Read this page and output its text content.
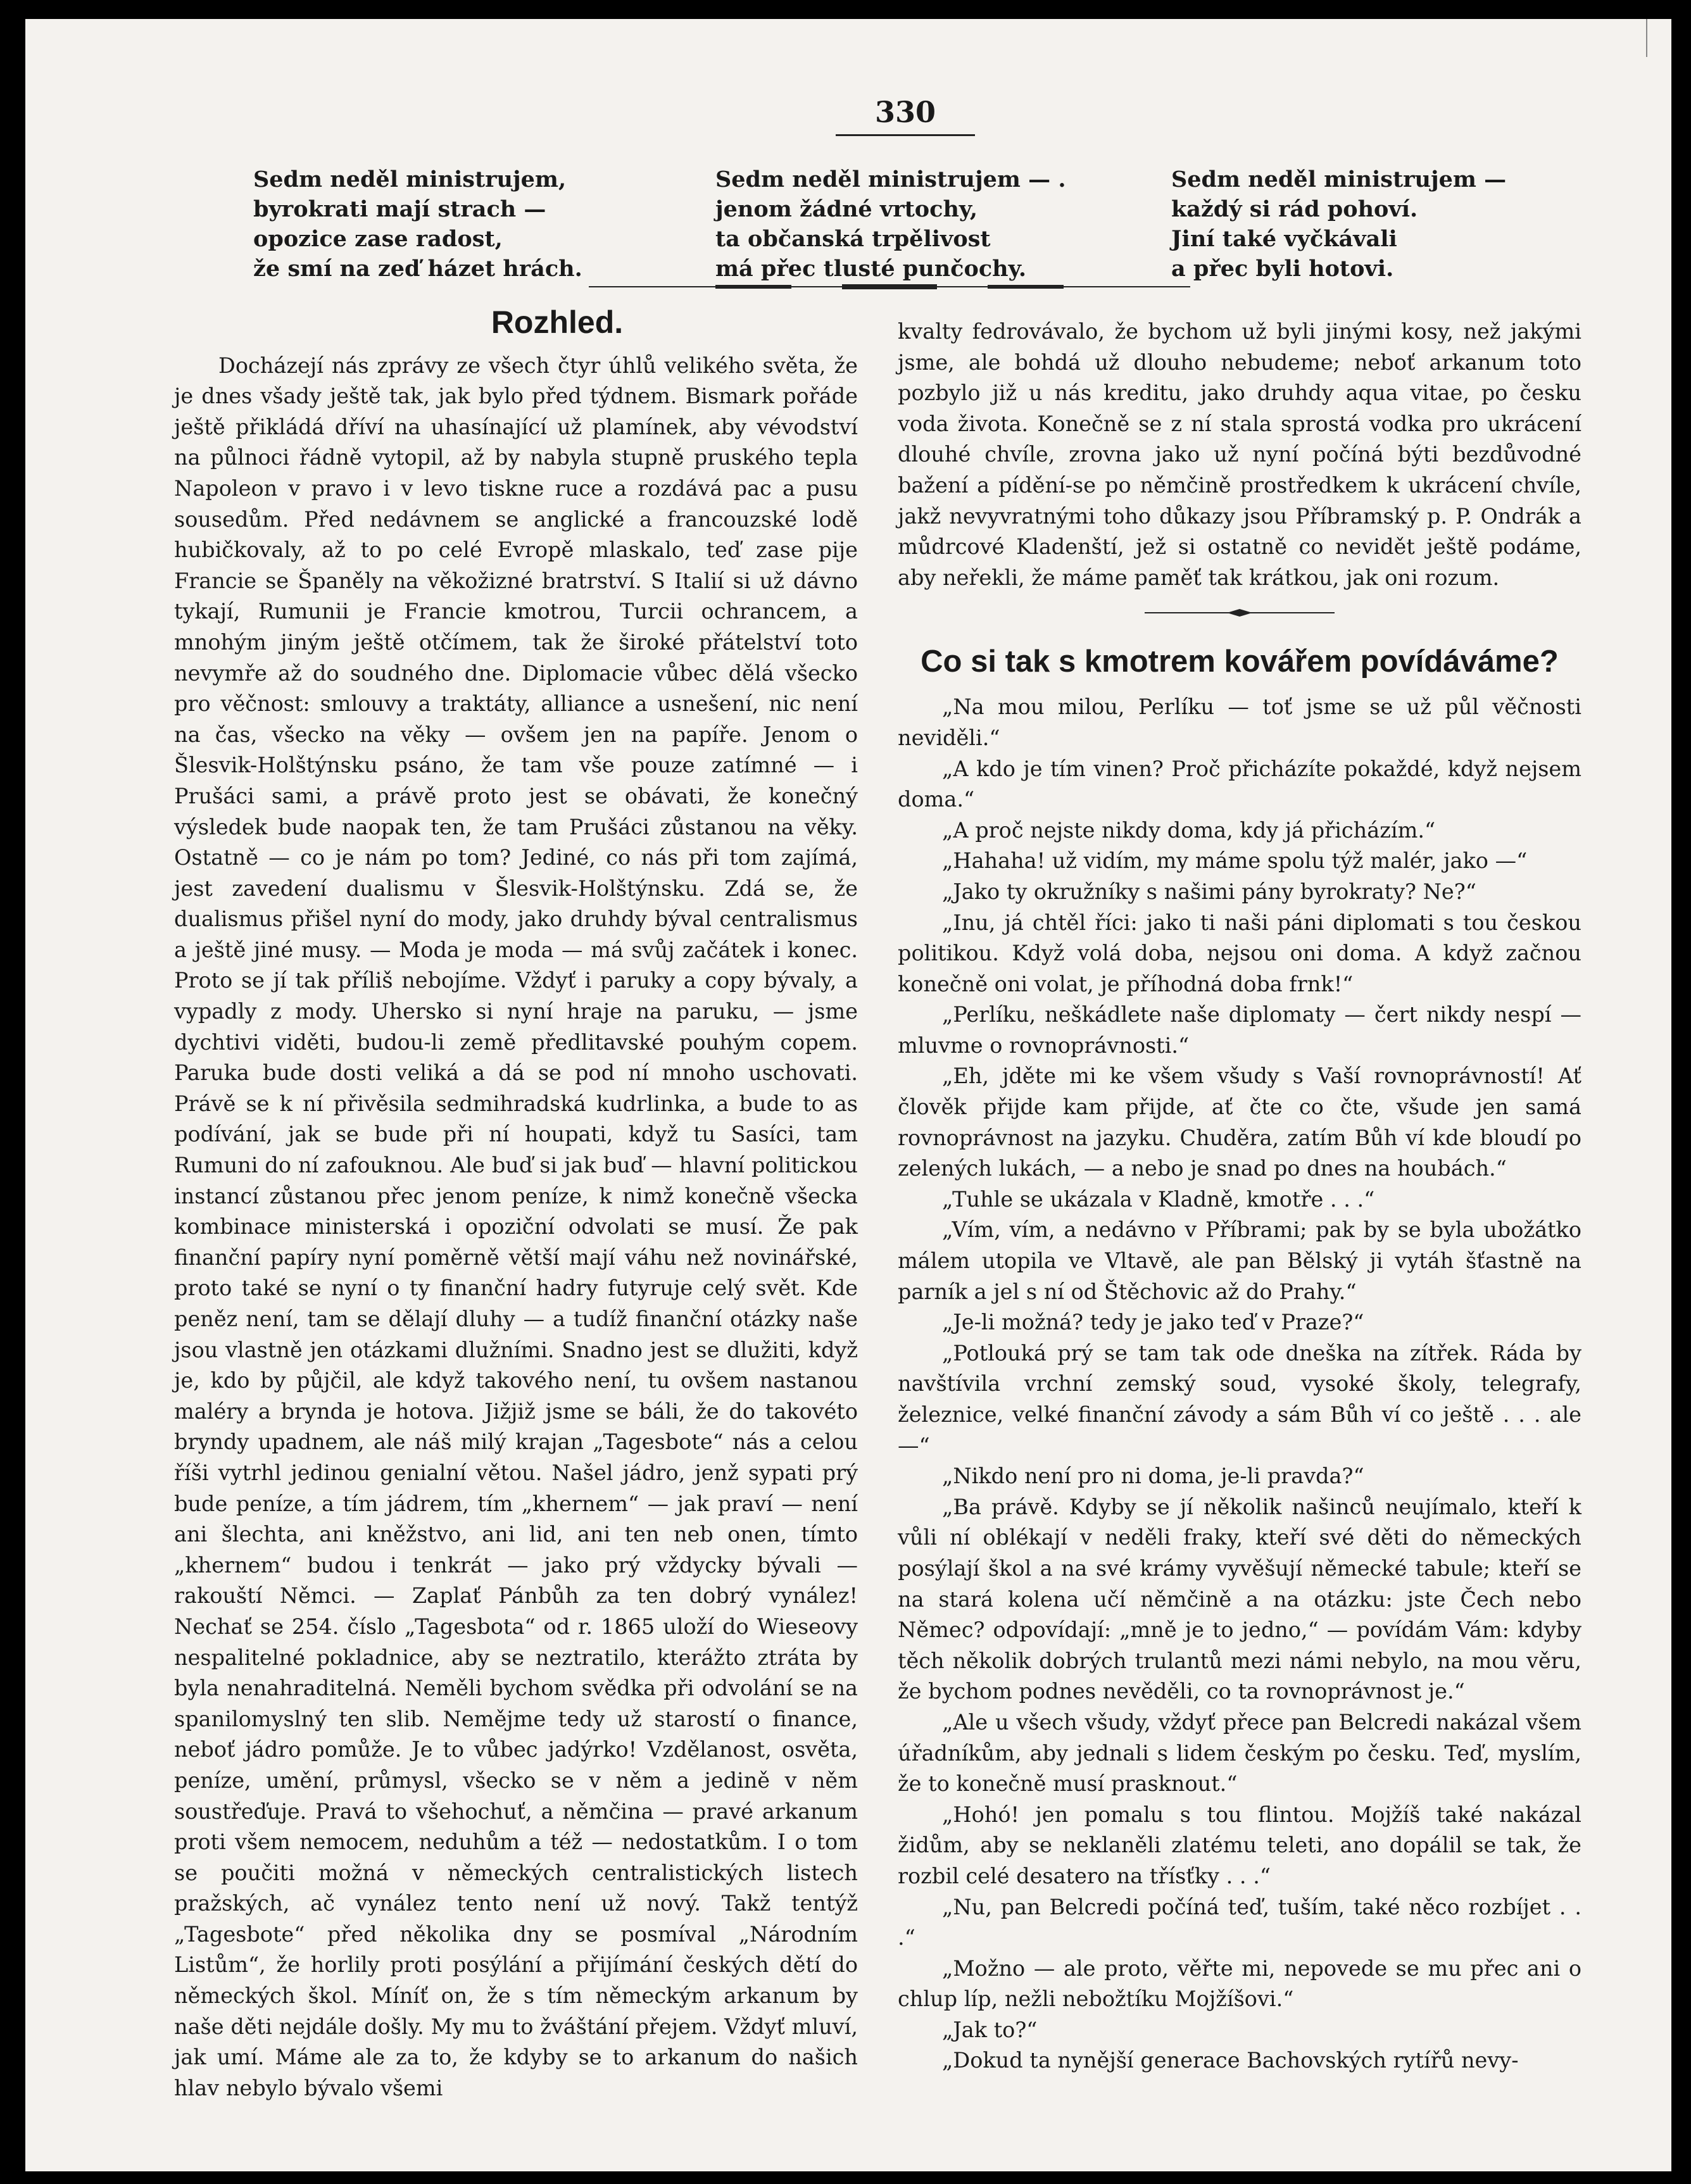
330
Sedm neděl ministrujem,
byrokrati mají strach —
opozice zase radost,
že smí na zeď házet hrách.
Sedm neděl ministrujem — .
jenom žádné vrtochy,
ta občanská trpělivost
má přec tlusté punčochy.
Sedm neděl ministrujem —
každý si rád pohoví.
Jiní také vyčkávali
a přec byli hotovi.
Rozhled.

Docházejí nás zprávy ze všech čtyr úhlů velikého světa, že je dnes všady ještě tak, jak bylo před týdnem. Bismark pořáde ještě přikládá dříví na uhasínající už plamínek, aby vévodství na půlnoci řádně vytopil, až by nabyla stupně pruského tepla Napoleon v pravo i v levo tiskne ruce a rozdává pac a pusu sousedům. Před nedávnem se anglické a francouzské lodě hubičkovaly, až to po celé Evropě mlaskalo, teď zase pije Francie se Španěly na věkožizné bratrství. S Italií si už dávno tykají, Rumunii je Francie kmotrou, Turcii ochrancem, a mnohým jiným ještě otčímem, tak že široké přátelství toto nevymře až do soudného dne. Diplomacie vůbec dělá všecko pro věčnost: smlouvy a traktáty, alliance a usnešení, nic není na čas, všecko na věky — ovšem jen na papíře. Jenom o Šlesvik-Holštýnsku psáno, že tam vše pouze zatímné — i Prušáci sami, a právě proto jest se obávati, že konečný výsledek bude naopak ten, že tam Prušáci zůstanou na věky. Ostatně — co je nám po tom? Jediné, co nás při tom zajímá, jest zavedení dualismu v Šlesvik-Holštýnsku. Zdá se, že dualismus přišel nyní do mody, jako druhdy býval centralismus a ještě jiné musy. — Moda je moda — má svůj začátek i konec. Proto se jí tak příliš nebojíme. Vždyť i paruky a copy bývaly, a vypadly z mody. Uhersko si nyní hraje na paruku, — jsme dychtivi viděti, budou-li země předlitavské pouhým copem. Paruka bude dosti veliká a dá se pod ní mnoho uschovati. Právě se k ní přivěsila sedmihradská kudrlinka, a bude to as podívání, jak se bude při ní houpati, když tu Sasíci, tam Rumuni do ní zafouknou. Ale buď si jak buď — hlavní politickou instancí zůstanou přec jenom peníze, k nimž konečně všecka kombinace ministerská i opoziční odvolati se musí. Že pak finanční papíry nyní poměrně větší mají váhu než novinářské, proto také se nyní o ty finanční hadry futyruje celý svět. Kde peněz není, tam se dělají dluhy — a tudíž finanční otázky naše jsou vlastně jen otázkami dlužními. Snadno jest se dlužiti, když je, kdo by půjčil, ale když takového není, tu ovšem nastanou maléry a brynda je hotova. Jižjiž jsme se báli, že do takovéto bryndy upadnem, ale náš milý krajan „Tagesbote“ nás a celou říši vytrhl jedinou genialní větou. Našel jádro, jenž sypati prý bude peníze, a tím jádrem, tím „khernem“ — jak praví — není ani šlechta, ani kněžstvo, ani lid, ani ten neb onen, tímto „khernem“ budou i tenkrát — jako prý vždycky bývali — rakouští Němci. — Zaplať Pánbůh za ten dobrý vynález! Nechať se 254. číslo „Tagesbota“ od r. 1865 uloží do Wieseovy nespalitelné pokladnice, aby se neztratilo, kterážto ztráta by byla nenahraditelná. Neměli bychom svědka při odvolání se na spanilomyslný ten slib. Nemějme tedy už starostí o finance, neboť jádro pomůže. Je to vůbec jadýrko! Vzdělanost, osvěta, peníze, umění, průmysl, všecko se v něm a jedině v něm soustřeďuje. Pravá to všehochuť, a němčina — pravé arkanum proti všem nemocem, neduhům a též — nedostatkům. I o tom se poučiti možná v německých centralistických listech pražských, ač vynález tento není už nový. Takž tentýž „Tagesbote“ před několika dny se posmíval „Národním Listům“, že horlily proti posýlání a přijímání českých dětí do německých škol. Míníť on, že s tím německým arkanum by naše děti nejdále došly. My mu to žváštání přejem. Vždyť mluví, jak umí. Máme ale za to, že kdyby se to arkanum do našich hlav nebylo bývalo všemi

kvalty fedrovávalo, že bychom už byli jinými kosy, než jakými jsme, ale bohdá už dlouho nebudeme; neboť arkanum toto pozbylo již u nás kreditu, jako druhdy aqua vitae, po česku voda života. Konečně se z ní stala sprostá vodka pro ukrácení dlouhé chvíle, zrovna jako už nyní počíná býti bezdůvodné bažení a pídění-se po němčině prostředkem k ukrácení chvíle, jakž nevyvratnými toho důkazy jsou Příbramský p. P. Ondrák a můdrcové Kladenští, jež si ostatně co nevidět ještě podáme, aby neřekli, že máme paměť tak krátkou, jak oni rozum.

Co si tak s kmotrem kovářem povídáváme?

„Na mou milou, Perlíku — toť jsme se už půl věčnosti neviděli.“

„A kdo je tím vinen? Proč přicházíte pokaždé, když nejsem doma.“

„A proč nejste nikdy doma, kdy já přicházím.“

„Hahaha! už vidím, my máme spolu týž malér, jako —“

„Jako ty okružníky s našimi pány byrokraty? Ne?“

„Inu, já chtěl říci: jako ti naši páni diplomati s tou českou politikou. Když volá doba, nejsou oni doma. A když začnou konečně oni volat, je příhodná doba frnk!“

„Perlíku, neškádlete naše diplomaty — čert nikdy nespí — mluvme o rovnoprávnosti.“

„Eh, jděte mi ke všem všudy s Vaší rovnoprávností! Ať člověk přijde kam přijde, ať čte co čte, všude jen samá rovnoprávnost na jazyku. Chuděra, zatím Bůh ví kde bloudí po zelených lukách, — a nebo je snad po dnes na houbách.“

„Tuhle se ukázala v Kladně, kmotře . . .“

„Vím, vím, a nedávno v Příbrami; pak by se byla ubožátko málem utopila ve Vltavě, ale pan Bělský ji vytáh šťastně na parník a jel s ní od Štěchovic až do Prahy.“

„Je-li možná? tedy je jako teď v Praze?“

„Potlouká prý se tam tak ode dneška na zítřek. Ráda by navštívila vrchní zemský soud, vysoké školy, telegrafy, železnice, velké finanční závody a sám Bůh ví co ještě . . . ale —“

„Nikdo není pro ni doma, je-li pravda?“

„Ba právě. Kdyby se jí několik našinců neujímalo, kteří k vůli ní oblékají v neděli fraky, kteří své děti do německých posýlají škol a na své krámy vyvěšují německé tabule; kteří se na stará kolena učí němčině a na otázku: jste Čech nebo Němec? odpovídají: „mně je to jedno,“ — povídám Vám: kdyby těch několik dobrých trulantů mezi námi nebylo, na mou věru, že bychom podnes nevěděli, co ta rovnoprávnost je.“

„Ale u všech všudy, vždyť přece pan Belcredi nakázal všem úřadníkům, aby jednali s lidem českým po česku. Teď, myslím, že to konečně musí prasknout.“

„Hohó! jen pomalu s tou flintou. Mojžíš také nakázal židům, aby se neklaněli zlatému teleti, ano dopálil se tak, že rozbil celé desatero na třísťky . . .“

„Nu, pan Belcredi počíná teď, tuším, také něco rozbíjet . . .“

„Možno — ale proto, věřte mi, nepovede se mu přec ani o chlup líp, nežli nebožtíku Mojžíšovi.“

„Jak to?“

„Dokud ta nynější generace Bachovských rytířů nevy-
